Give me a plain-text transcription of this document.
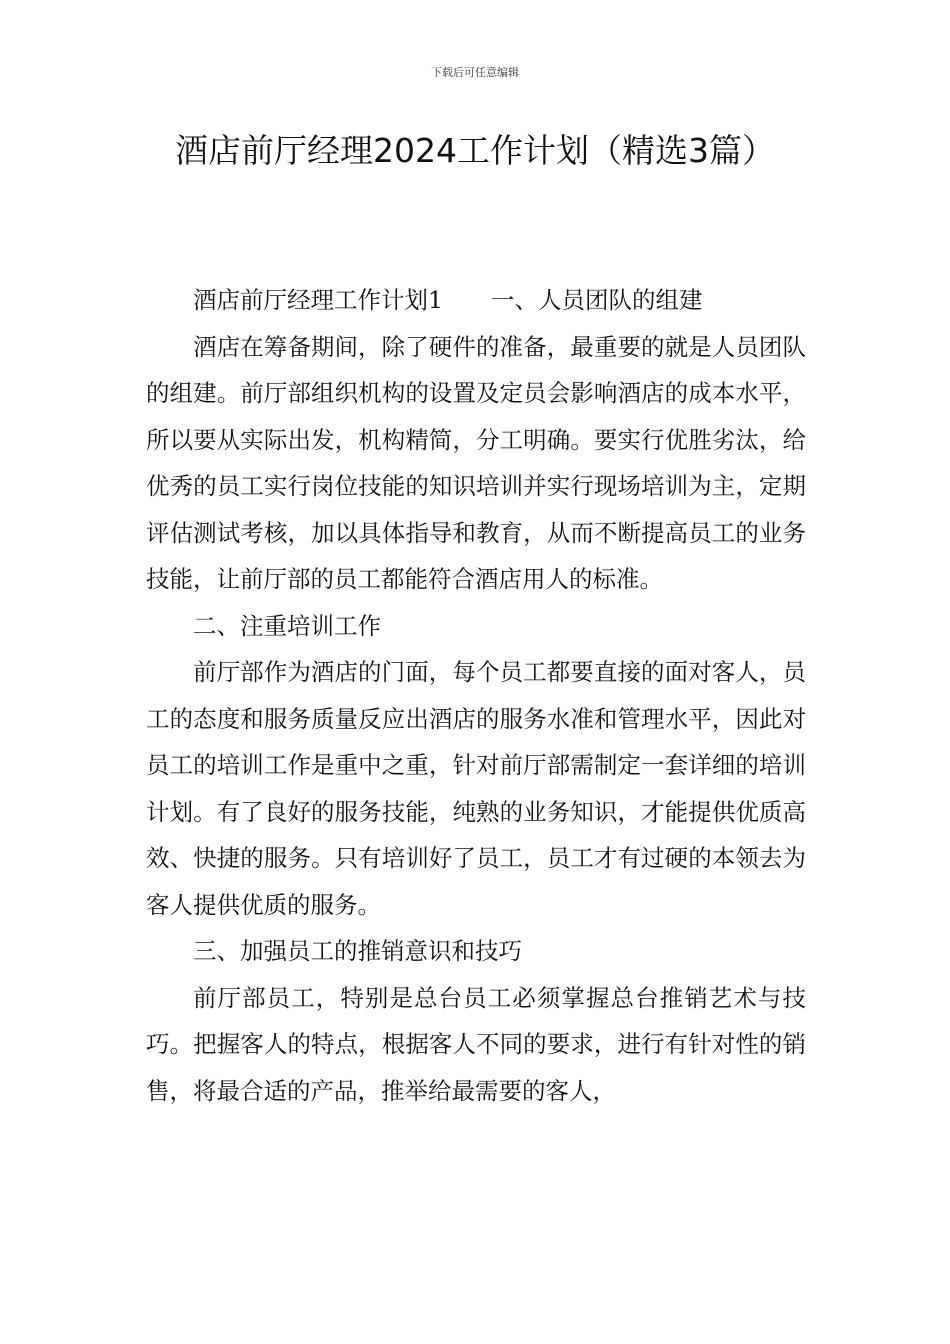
下载后可任意编辑
酒店前厅经理2024工作计划（精选3篇）

酒店前厅经理工作计划1 一、人员团队的组建

酒店在筹备期间，除了硬件的准备，最重要的就是人员团队的组建。前厅部组织机构的设置及定员会影响酒店的成本水平，所以要从实际出发，机构精简，分工明确。要实行优胜劣汰，给优秀的员工实行岗位技能的知识培训并实行现场培训为主，定期评估测试考核，加以具体指导和教育，从而不断提高员工的业务技能，让前厅部的员工都能符合酒店用人的标准。

二、注重培训工作

前厅部作为酒店的门面，每个员工都要直接的面对客人，员工的态度和服务质量反应出酒店的服务水准和管理水平，因此对员工的培训工作是重中之重，针对前厅部需制定一套详细的培训计划。有了良好的服务技能，纯熟的业务知识，才能提供优质高效、快捷的服务。只有培训好了员工，员工才有过硬的本领去为客人提供优质的服务。

三、加强员工的推销意识和技巧

前厅部员工，特别是总台员工必须掌握总台推销艺术与技巧。把握客人的特点，根据客人不同的要求，进行有针对性的销售，将最合适的产品，推举给最需要的客人，
